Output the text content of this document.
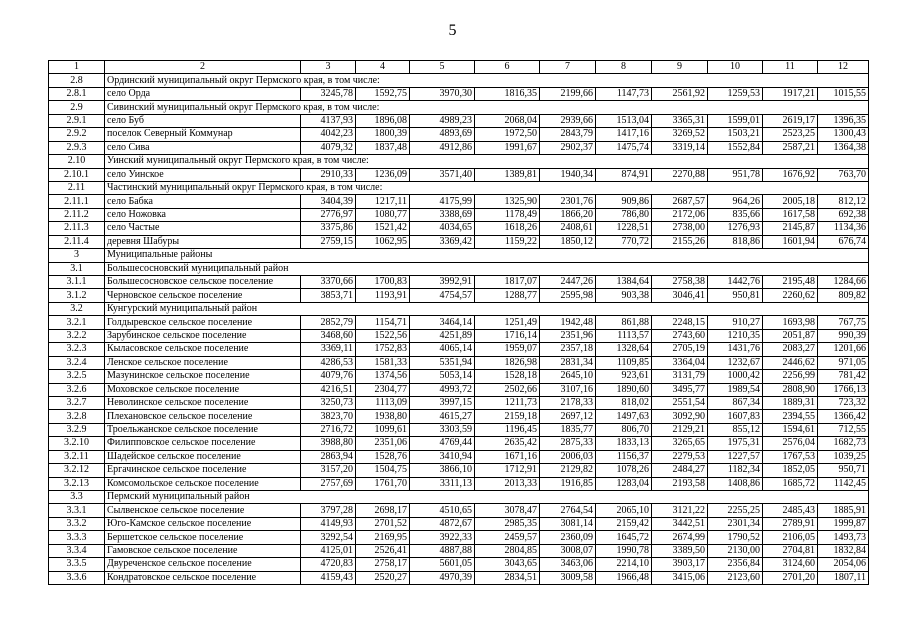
5
1	2	3	4	5	6	7	8	9	10	11	12
2.8	Ординский муниципальный округ Пермского края, в том числе:										
2.8.1	село Орда	3245,78	1592,75	3970,30	1816,35	2199,66	1147,73	2561,92	1259,53	1917,21	1015,55
2.9	Сивинский муниципальный округ Пермского края, в том числе:										
2.9.1	село Буб	4137,93	1896,08	4989,23	2068,04	2939,66	1513,04	3365,31	1599,01	2619,17	1396,35
2.9.2	поселок Северный Коммунар	4042,23	1800,39	4893,69	1972,50	2843,79	1417,16	3269,52	1503,21	2523,25	1300,43
2.9.3	село Сива	4079,32	1837,48	4912,86	1991,67	2902,37	1475,74	3319,14	1552,84	2587,21	1364,38
2.10	Уинский муниципальный округ Пермского края, в том числе:										
2.10.1	село Уинское	2910,33	1236,09	3571,40	1389,81	1940,34	874,91	2270,88	951,78	1676,92	763,70
2.11	Частинский муниципальный округ Пермского края, в том числе:										
2.11.1	село Бабка	3404,39	1217,11	4175,99	1325,90	2301,76	909,86	2687,57	964,26	2005,18	812,12
2.11.2	село Ножовка	2776,97	1080,77	3388,69	1178,49	1866,20	786,80	2172,06	835,66	1617,58	692,38
2.11.3	село Частые	3375,86	1521,42	4034,65	1618,26	2408,61	1228,51	2738,00	1276,93	2145,87	1134,36
2.11.4	деревня Шабуры	2759,15	1062,95	3369,42	1159,22	1850,12	770,72	2155,26	818,86	1601,94	676,74
3	Муниципальные районы										
3.1	Большесосновский муниципальный район										
3.1.1	Большесосновское сельское поселение	3370,66	1700,83	3992,91	1817,07	2447,26	1384,64	2758,38	1442,76	2195,48	1284,66
3.1.2	Черновское сельское поселение	3853,71	1193,91	4754,57	1288,77	2595,98	903,38	3046,41	950,81	2260,62	809,82
3.2	Кунгурский муниципальный район										
3.2.1	Голдыревское сельское поселение	2852,79	1154,71	3464,14	1251,49	1942,48	861,88	2248,15	910,27	1693,98	767,75
3.2.2	Зарубинское сельское поселение	3468,60	1522,56	4251,89	1716,14	2351,96	1113,57	2743,60	1210,35	2051,87	990,39
3.2.3	Кыласовское сельское поселение	3369,11	1752,83	4065,14	1959,07	2357,18	1328,64	2705,19	1431,76	2083,27	1201,66
3.2.4	Ленское сельское поселение	4286,53	1581,33	5351,94	1826,98	2831,34	1109,85	3364,04	1232,67	2446,62	971,05
3.2.5	Мазунинское сельское поселение	4079,76	1374,56	5053,14	1528,18	2645,10	923,61	3131,79	1000,42	2256,99	781,42
3.2.6	Моховское сельское поселение	4216,51	2304,77	4993,72	2502,66	3107,16	1890,60	3495,77	1989,54	2808,90	1766,13
3.2.7	Неволинское сельское поселение	3250,73	1113,09	3997,15	1211,73	2178,33	818,02	2551,54	867,34	1889,31	723,32
3.2.8	Плехановское сельское поселение	3823,70	1938,80	4615,27	2159,18	2697,12	1497,63	3092,90	1607,83	2394,55	1366,42
3.2.9	Троельжанское сельское поселение	2716,72	1099,61	3303,59	1196,45	1835,77	806,70	2129,21	855,12	1594,61	712,55
3.2.10	Филипповское сельское поселение	3988,80	2351,06	4769,44	2635,42	2875,33	1833,13	3265,65	1975,31	2576,04	1682,73
3.2.11	Шадейское сельское поселение	2863,94	1528,76	3410,94	1671,16	2006,03	1156,37	2279,53	1227,57	1767,53	1039,25
3.2.12	Ергачинское сельское поселение	3157,20	1504,75	3866,10	1712,91	2129,82	1078,26	2484,27	1182,34	1852,05	950,71
3.2.13	Комсомольское сельское поселение	2757,69	1761,70	3311,13	2013,33	1916,85	1283,04	2193,58	1408,86	1685,72	1142,45
3.3	Пермский муниципальный район										
3.3.1	Сылвенское сельское поселение	3797,28	2698,17	4510,65	3078,47	2764,54	2065,10	3121,22	2255,25	2485,43	1885,91
3.3.2	Юго-Камское сельское поселение	4149,93	2701,52	4872,67	2985,35	3081,14	2159,42	3442,51	2301,34	2789,91	1999,87
3.3.3	Бершетское сельское поселение	3292,54	2169,95	3922,33	2459,57	2360,09	1645,72	2674,99	1790,52	2106,05	1493,73
3.3.4	Гамовское сельское поселение	4125,01	2526,41	4887,88	2804,85	3008,07	1990,78	3389,50	2130,00	2704,81	1832,84
3.3.5	Двуреченское сельское поселение	4720,83	2758,17	5601,05	3043,65	3463,06	2214,10	3903,17	2356,84	3124,60	2054,06
3.3.6	Кондратовское сельское поселение	4159,43	2520,27	4970,39	2834,51	3009,58	1966,48	3415,06	2123,60	2701,20	1807,11
